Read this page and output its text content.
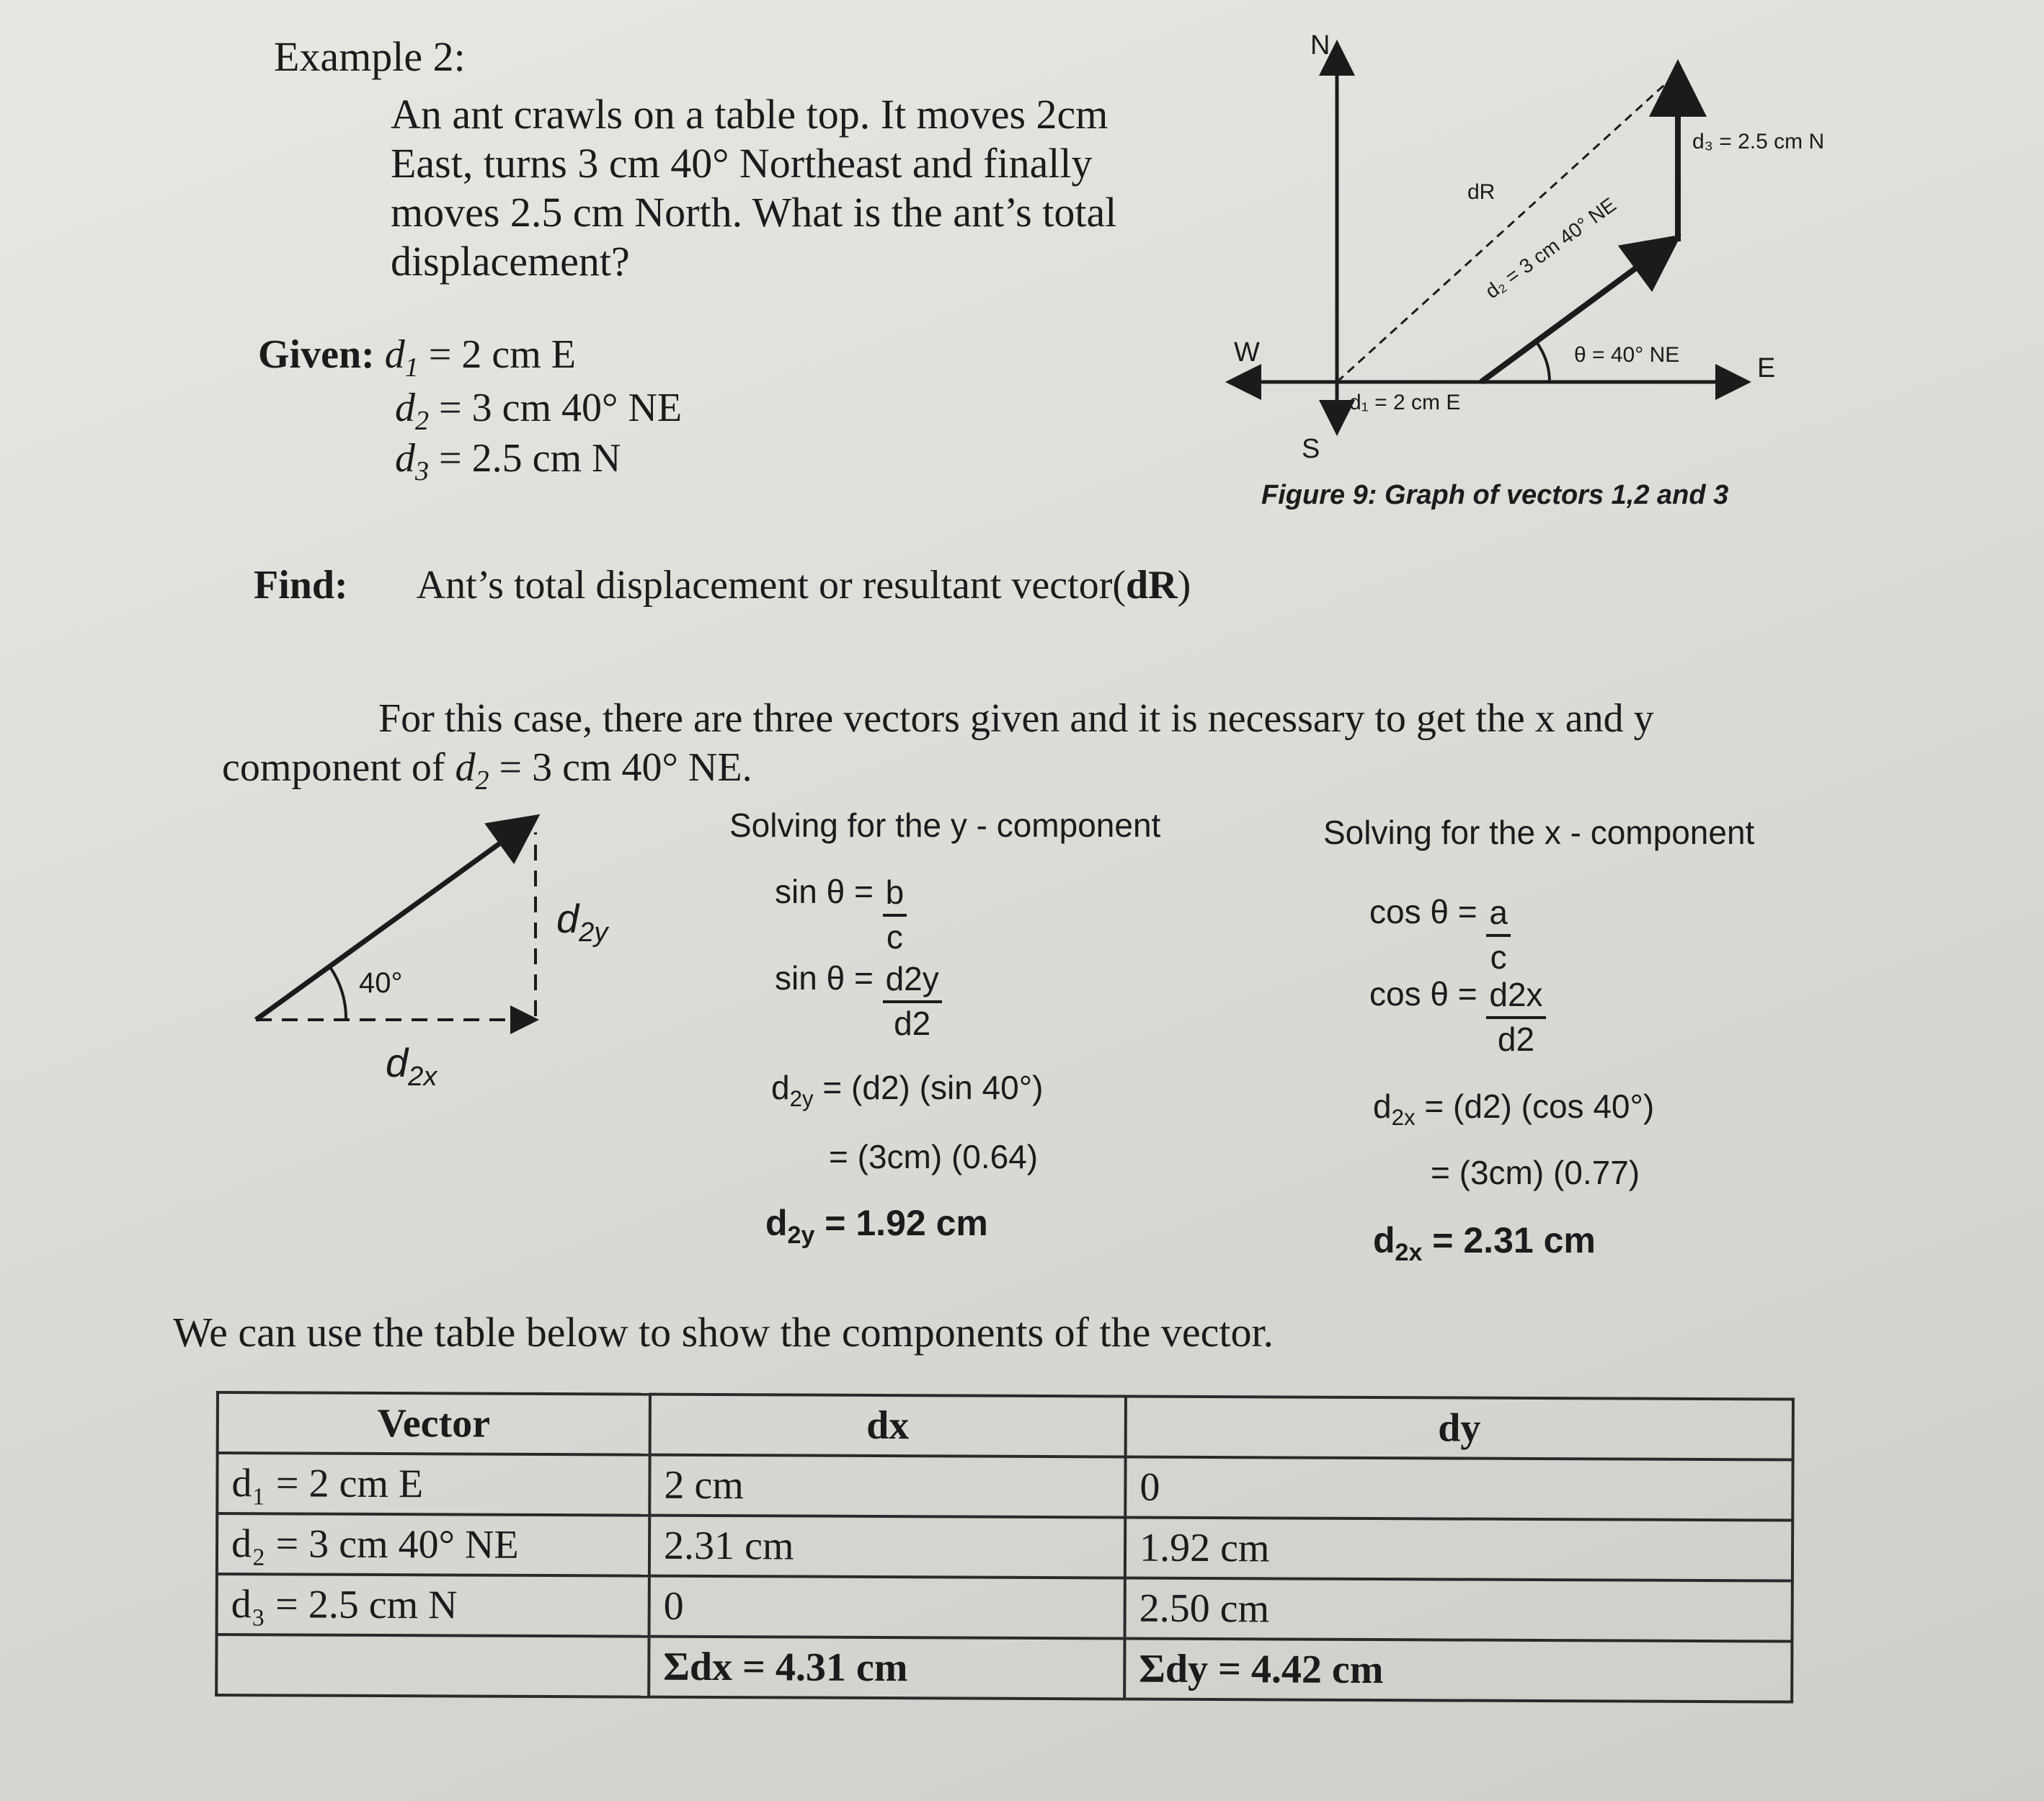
Example 2:
An ant crawls on a table top. It moves 2cm
East, turns 3 cm 40° Northeast and finally
moves 2.5 cm North. What is the ant’s total
displacement?
Given: $d_1 = 2$ cm E
$d_2 = 3$ cm 40° NE
$d_3 = 2.5$ cm N
N
S
E
W
d₁ = 2 cm E
d₃ = 2.5 cm N
θ = 40° NE
dR
d₂ = 3 cm 40° NE
Figure 9: Graph of vectors 1,2 and 3
Find: Ant’s total displacement or resultant vector(dR)
For this case, there are three vectors given and it is necessary to get the x and y
component of $d_2 = 3$ cm 40° NE.
40°
$d_{2y}$
$d_{2x}$
Solving for the y - component
$\sin \theta = \frac{b}{c}$
$\sin \theta = \frac{d2y}{d2}$
$d_{2y} = (d2)$ (sin 40°)
= (3cm) (0.64)
$d_{2y} = 1.92$ cm
Solving for the x - component
$\cos \theta = \frac{a}{c}$
$\cos \theta = \frac{d2x}{d2}$
$d_{2x} = (d2)$ (cos 40°)
= (3cm) (0.77)
$d_{2x} = 2.31$ cm
We can use the table below to show the components of the vector.
Vector	dx	dy
d₁ = 2 cm E	2 cm	0
d₂ = 3 cm 40° NE	2.31 cm	1.92 cm
d₃ = 2.5 cm N	0	2.50 cm
	Σdx = 4.31 cm	Σdy = 4.42 cm
